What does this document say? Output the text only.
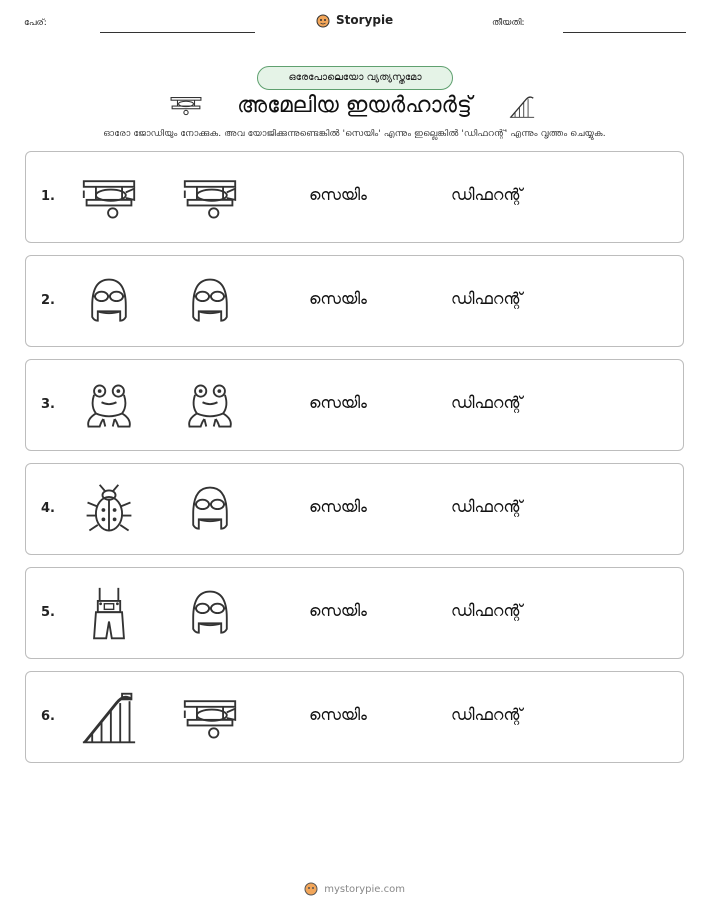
പേര്:	Storypie	തീയതി:
ഒരേപോലെയോ വ്യത്യസ്തമോ
അമേലിയ ഇയർഹാർട്ട്
ഓരോ ജോഡിയും നോക്കുക. അവ യോജിക്കുന്നുണ്ടെങ്കിൽ 'സെയിം' എന്നും ഇല്ലെങ്കിൽ 'ഡിഫറന്റ്' എന്നും വൃത്തം ചെയ്യുക.
1.	സെയിം	ഡിഫറന്റ്
2.	സെയിം	ഡിഫറന്റ്
3.	സെയിം	ഡിഫറന്റ്
4.	സെയിം	ഡിഫറന്റ്
5.	സെയിം	ഡിഫറന്റ്
6.	സെയിം	ഡിഫറന്റ്
mystorypie.com
